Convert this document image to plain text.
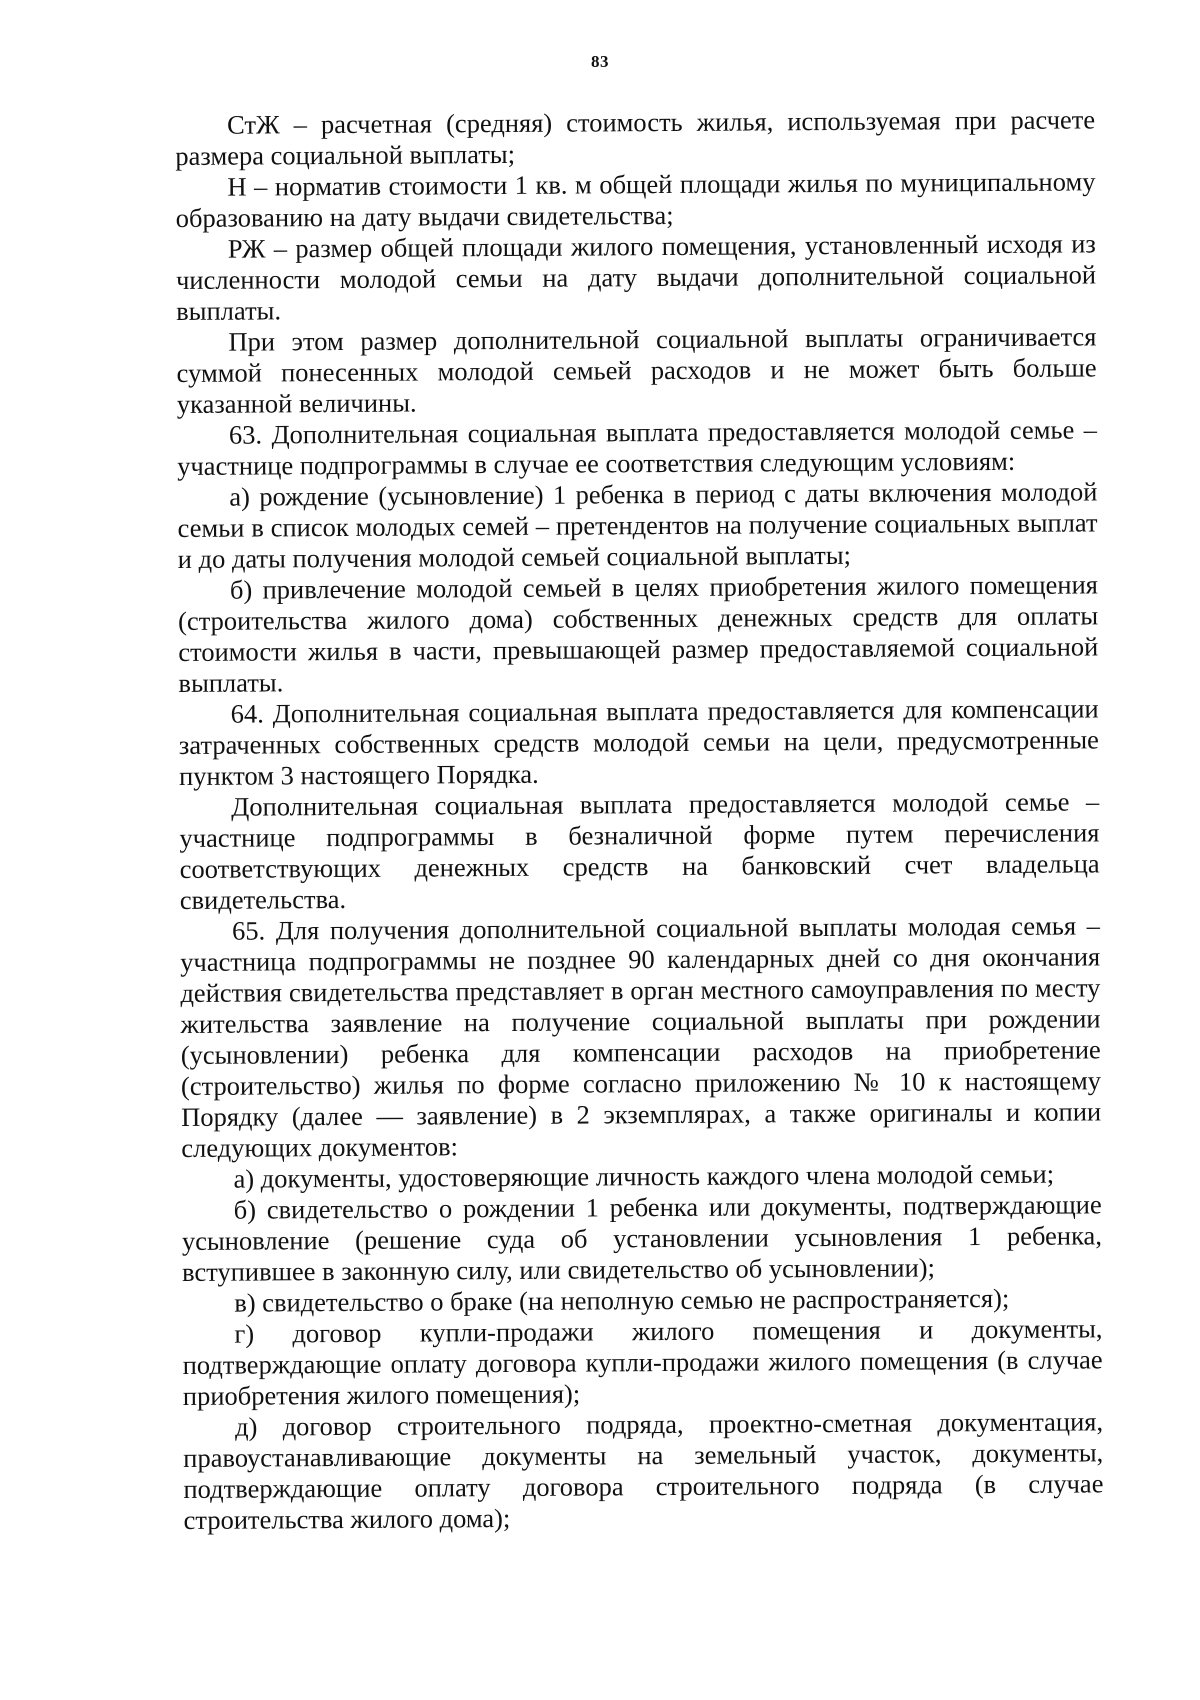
83

СтЖ – расчетная (средняя) стоимость жилья, используемая при расчете размера социальной выплаты;

Н – норматив стоимости 1 кв. м общей площади жилья по муниципальному образованию на дату выдачи свидетельства;

РЖ – размер общей площади жилого помещения, установленный исходя из численности молодой семьи на дату выдачи дополнительной социальной выплаты.

При этом размер дополнительной социальной выплаты ограничивается суммой понесенных молодой семьей расходов и не может быть больше указанной величины.

63. Дополнительная социальная выплата предоставляется молодой семье – участнице подпрограммы в случае ее соответствия следующим условиям:

а) рождение (усыновление) 1 ребенка в период с даты включения молодой семьи в список молодых семей – претендентов на получение социальных выплат и до даты получения молодой семьей социальной выплаты;

б) привлечение молодой семьей в целях приобретения жилого помещения (строительства жилого дома) собственных денежных средств для оплаты стоимости жилья в части, превышающей размер предоставляемой социальной выплаты.

64. Дополнительная социальная выплата предоставляется для компенсации затраченных собственных средств молодой семьи на цели, предусмотренные пунктом 3 настоящего Порядка.

Дополнительная социальная выплата предоставляется молодой семье – участнице подпрограммы в безналичной форме путем перечисления соответствующих денежных средств на банковский счет владельца свидетельства.

65. Для получения дополнительной социальной выплаты молодая семья – участница подпрограммы не позднее 90 календарных дней со дня окончания действия свидетельства представляет в орган местного самоуправления по месту жительства заявление на получение социальной выплаты при рождении (усыновлении) ребенка для компенсации расходов на приобретение (строительство) жилья по форме согласно приложению № 10 к настоящему Порядку (далее — заявление) в 2 экземплярах, а также оригиналы и копии следующих документов:

а) документы, удостоверяющие личность каждого члена молодой семьи;

б) свидетельство о рождении 1 ребенка или документы, подтверждающие усыновление (решение суда об установлении усыновления 1 ребенка, вступившее в законную силу, или свидетельство об усыновлении);

в) свидетельство о браке (на неполную семью не распространяется);

г) договор купли-продажи жилого помещения и документы, подтверждающие оплату договора купли-продажи жилого помещения (в случае приобретения жилого помещения);

д) договор строительного подряда, проектно-сметная документация, правоустанавливающие документы на земельный участок, документы, подтверждающие оплату договора строительного подряда (в случае строительства жилого дома);
